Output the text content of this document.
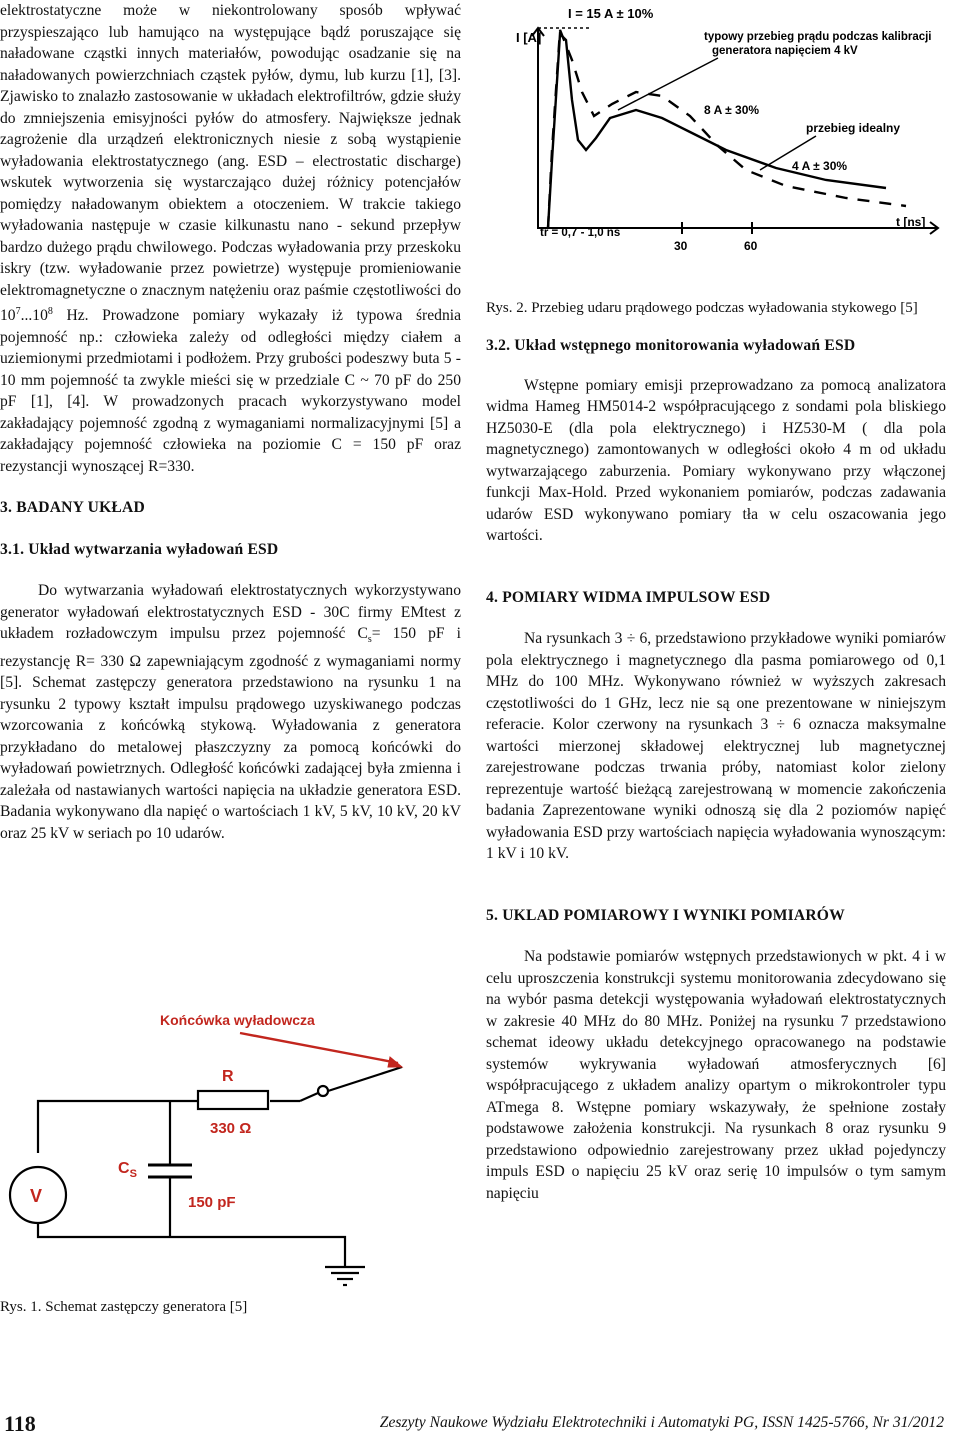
elektrostatyczne może w niekontrolowany sposób wpływać przyspieszająco lub hamująco na występujące bądź poruszające się naładowane cząstki innych materiałów, powodując osadzanie się na naładowanych powierzchniach cząstek pyłów, dymu, lub kurzu [1], [3]. Zjawisko to znalazło zastosowanie w układach elektrofiltrów, gdzie służy do zmniejszenia emisyjności pyłów do atmosfery. Największe jednak zagrożenie dla urządzeń elektronicznych niesie z sobą wystąpienie wyładowania elektrostatycznego (ang. ESD – electrostatic discharge) wskutek wytworzenia się wystarczająco dużej różnicy potencjałów pomiędzy naładowanym obiektem a otoczeniem. W trakcie takiego wyładowania następuje w czasie kilkunastu nano - sekund przepływ bardzo dużego prądu chwilowego. Podczas wyładowania przy przeskoku iskry (tzw. wyładowanie przez powietrze) występuje promieniowanie elektromagnetyczne o znacznym natężeniu oraz paśmie częstotliwości do $10^7...10^8$ Hz. Prowadzone pomiary wykazały iż typowa średnia pojemność np.: człowieka zależy od odległości między ciałem a uziemionymi przedmiotami i podłożem. Przy grubości podeszwy buta 5 - 10 mm pojemność ta zwykle mieści się w przedziale C ~ 70 pF do 250 pF [1], [4]. W prowadzonych pracach wykorzystywano model zakładający pojemność zgodną z wymaganiami normalizacyjnymi [5] a zakładający pojemność człowieka na poziomie C = 150 pF oraz rezystancji wynoszącej R=330.

3. BADANY UKŁAD
3.1. Układ wytwarzania wyładowań ESD

Do wytwarzania wyładowań elektrostatycznych wykorzystywano generator wyładowań elektrostatycznych ESD - 30C firmy EMtest z układem rozładowczym impulsu przez pojemność $C_s= 150$ pF i rezystancję R= 330 Ω zapewniającym zgodność z wymaganiami normy [5]. Schemat zastępczy generatora przedstawiono na rysunku 1 na rysunku 2 typowy kształt impulsu prądowego uzyskiwanego podczas wzorcowania z końcówką stykową. Wyładowania z generatora przykładano do metalowej płaszczyzny za pomocą końcówki do wyładowań powietrznych. Odległość końcówki zadającej była zmienna i zależała od nastawianych wartości napięcia na układzie generatora ESD. Badania wykonywano dla napięć o wartościach 1 kV, 5 kV, 10 kV, 20 kV oraz 25 kV w seriach po 10 udarów.

Końcówka wyładowcza
R
330 Ω
$C_S$
150 pF
V
Rys. 1. Schemat zastępczy generatora [5]
I [A]
I = 15 A ± 10%
typowy przebieg prądu podczas kalibracji
generatora napięciem 4 kV
8 A ± 30%
przebieg idealny
4 A ± 30%
t [ns]
30	60
tr = 0,7 - 1,0 ns

Rys. 2. Przebieg udaru prądowego podczas wyładowania stykowego [5]

3.2. Układ wstępnego monitorowania wyładowań ESD

Wstępne pomiary emisji przeprowadzano za pomocą analizatora widma Hameg HM5014-2 współpracującego z sondami pola bliskiego HZ5030-E (dla pola elektrycznego) i HZ530-M ( dla pola magnetycznego) zamontowanych w odległości około 4 m od układu wytwarzającego zaburzenia. Pomiary wykonywano przy włączonej funkcji Max-Hold. Przed wykonaniem pomiarów, podczas zadawania udarów ESD wykonywano pomiary tła w celu oszacowania jego wartości.

4. POMIARY WIDMA IMPULSOW ESD

Na rysunkach 3 ÷ 6, przedstawiono przykładowe wyniki pomiarów pola elektrycznego i magnetycznego dla pasma pomiarowego od 0,1 MHz do 100 MHz. Wykonywano również w wyższych zakresach częstotliwości do 1 GHz, lecz nie są one prezentowane w niniejszym referacie. Kolor czerwony na rysunkach 3 ÷ 6 oznacza maksymalne wartości mierzonej składowej elektrycznej lub magnetycznej zarejestrowane podczas trwania próby, natomiast kolor zielony reprezentuje wartość bieżącą zarejestrowaną w momencie zakończenia badania Zaprezentowane wyniki odnoszą się dla 2 poziomów napięć wyładowania ESD przy wartościach napięcia wyładowania wynoszącym: 1 kV i 10 kV.

5. UKLAD POMIAROWY I WYNIKI POMIARÓW

Na podstawie pomiarów wstępnych przedstawionych w pkt. 4 i w celu uproszczenia konstrukcji systemu monitorowania zdecydowano się na wybór pasma detekcji występowania wyładowań elektrostatycznych w zakresie 40 MHz do 80 MHz. Poniżej na rysunku 7 przedstawiono schemat ideowy układu detekcyjnego opracowanego na podstawie systemów wykrywania wyładowań atmosferycznych [6] współpracującego z układem analizy opartym o mikrokontroler typu ATmega 8. Wstępne pomiary wskazywały, że spełnione zostały podstawowe założenia konstrukcji. Na rysunkach 8 oraz rysunku 9 przedstawiono odpowiednio zarejestrowany przez układ pojedynczy impuls ESD o napięciu 25 kV oraz serię 10 impulsów o tym samym napięciu

118	Zeszyty Naukowe Wydziału Elektrotechniki i Automatyki PG, ISSN 1425-5766, Nr 31/2012
